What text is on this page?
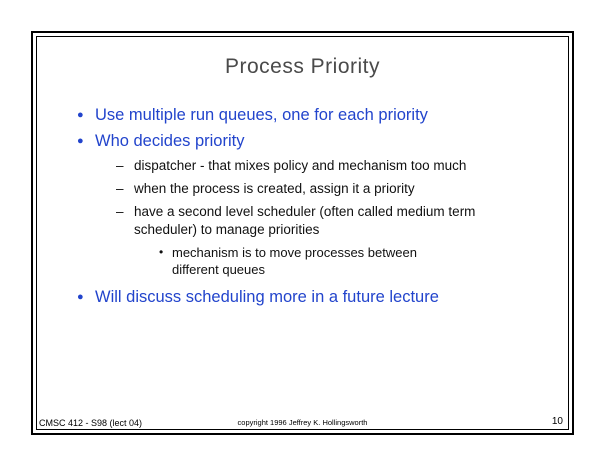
Process Priority
● Use multiple run queues, one for each priority
● Who decides priority
– dispatcher - that mixes policy and mechanism too much
– when the process is created, assign it a priority
– have a second level scheduler (often called medium term scheduler) to manage priorities
• mechanism is to move processes between different queues
● Will discuss scheduling more in a future lecture
CMSC 412 - S98 (lect 04)	copyright 1996 Jeffrey K. Hollingsworth	10
